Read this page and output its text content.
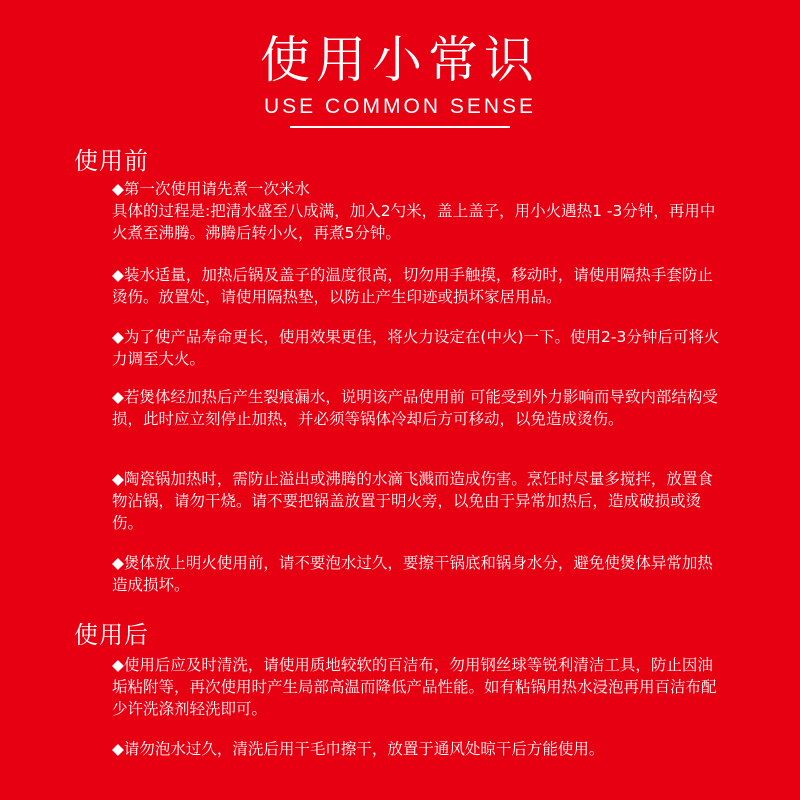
使用小常识
USE COMMON SENSE
使用前
◆第一次使用请先煮一次米水
具体的过程是:把清水盛至八成满，加入2勺米，盖上盖子，用小火遇热1 -3分钟，再用中火煮至沸腾。沸腾后转小火，再煮5分钟。
◆装水适量，加热后锅及盖子的温度很高，切勿用手触摸，移动时，请使用隔热手套防止烫伤。放置处，请使用隔热垫，以防止产生印迹或损坏家居用品。
◆为了使产品寿命更长，使用效果更佳，将火力设定在(中火)一下。使用2-3分钟后可将火力调至大火。
◆若煲体经加热后产生裂痕漏水，说明该产品使用前 可能受到外力影响而导致内部结构受损，此时应立刻停止加热，并必须等锅体冷却后方可移动，以免造成烫伤。
◆陶瓷锅加热时，需防止溢出或沸腾的水滴飞溅而造成伤害。烹饪时尽量多搅拌，放置食物沾锅，请勿干烧。请不要把锅盖放置于明火旁，以免由于异常加热后，造成破损或烫伤。
◆煲体放上明火使用前，请不要泡水过久，要擦干锅底和锅身水分，避免使煲体异常加热造成损坏。
使用后
◆使用后应及时清洗，请使用质地较软的百洁布，勿用钢丝球等锐利清洁工具，防止因油垢粘附等，再次使用时产生局部高温而降低产品性能。如有粘锅用热水浸泡再用百洁布配少许洗涤剂轻洗即可。
◆请勿泡水过久，清洗后用干毛巾擦干，放置于通风处晾干后方能使用。
